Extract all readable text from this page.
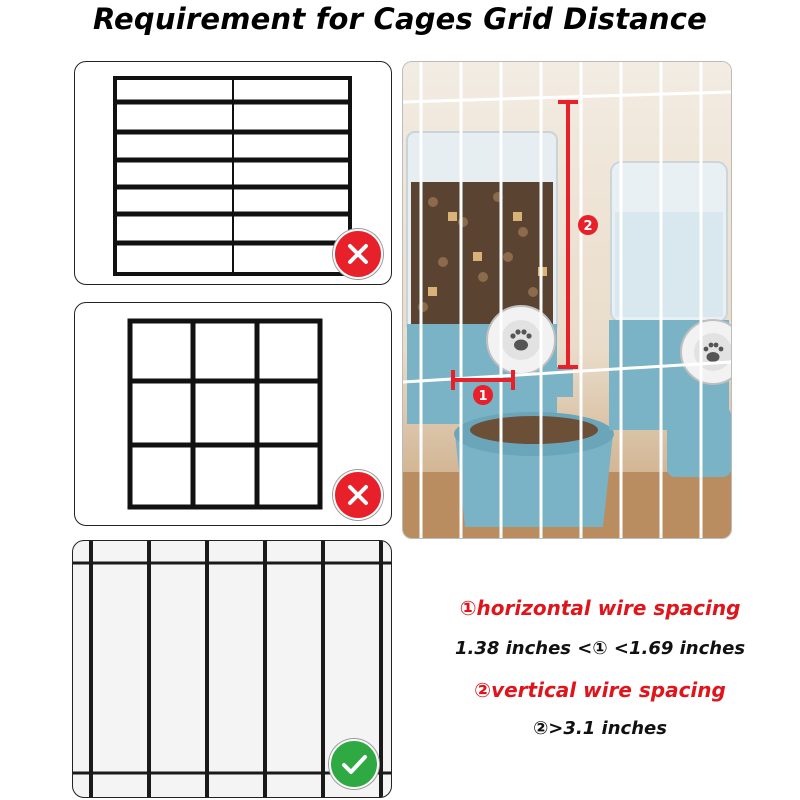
Requirement for Cages Grid Distance
2
1
①horizontal wire spacing
1.38 inches <① <1.69 inches
②vertical wire spacing
②>3.1 inches
